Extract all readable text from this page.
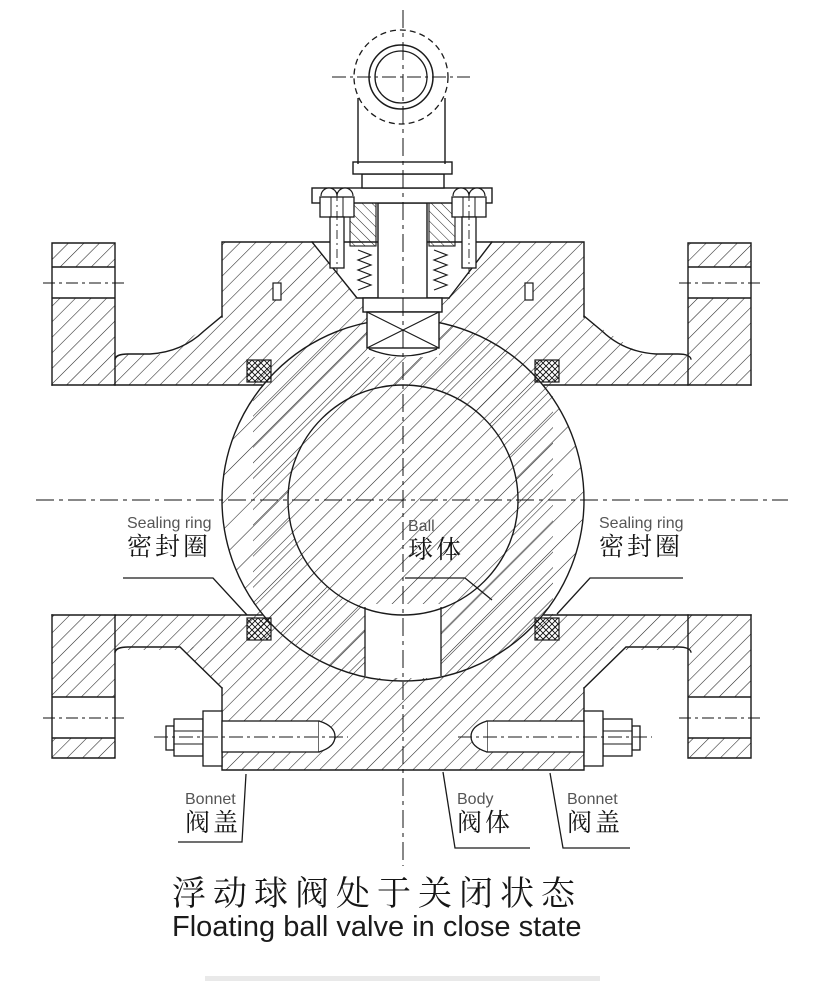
Sealing ring
密封圈
Ball
球体
Sealing ring
密封圈
Bonnet
阀盖
Body
阀体
Bonnet
阀盖
浮动球阀处于关闭状态
Floating ball valve in close state
